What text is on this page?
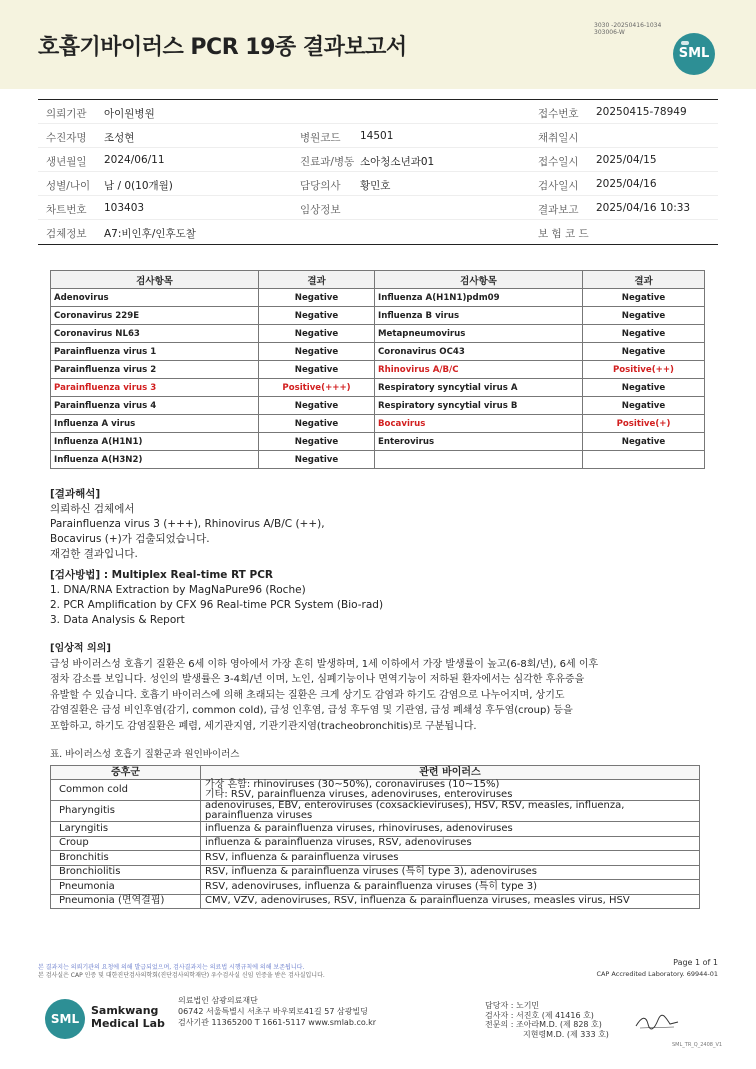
호흡기바이러스 PCR 19종 결과보고서
3030 -20250416-1034
303006-W
SML
의뢰기관 아이원병원	접수번호 20250415-78949
수진자명 조성현	병원코드 14501	채취일시
생년월일 2024/06/11	진료과/병동 소아청소년과01	접수일시 2025/04/15
성별/나이 남 / 0(10개월)	담당의사 황민호	검사일시 2025/04/16
차트번호 103403	임상정보	결과보고 2025/04/16 10:33
검체정보 A7:비인후/인후도찰	보 험 코 드
검사항목	결과	검사항목	결과
Adenovirus	Negative	Influenza A(H1N1)pdm09	Negative
Coronavirus 229E	Negative	Influenza B virus	Negative
Coronavirus NL63	Negative	Metapneumovirus	Negative
Parainfluenza virus 1	Negative	Coronavirus OC43	Negative
Parainfluenza virus 2	Negative	Rhinovirus A/B/C	Positive(++)
Parainfluenza virus 3	Positive(+++)	Respiratory syncytial virus A	Negative
Parainfluenza virus 4	Negative	Respiratory syncytial virus B	Negative
Influenza A virus	Negative	Bocavirus	Positive(+)
Influenza A(H1N1)	Negative	Enterovirus	Negative
Influenza A(H3N2)	Negative		

[결과해석]

의뢰하신 검체에서

Parainfluenza virus 3 (+++), Rhinovirus A/B/C (++),

Bocavirus (+)가 검출되었습니다.

재검한 결과입니다.

[검사방법] : Multiplex Real-time RT PCR

1. DNA/RNA Extraction by MagNaPure96 (Roche)

2. PCR Amplification by CFX 96 Real-time PCR System (Bio-rad)

3. Data Analysis & Report

[임상적 의의]

급성 바이러스성 호흡기 질환은 6세 이하 영아에서 가장 흔히 발생하며, 1세 이하에서 가장 발생률이 높고(6-8회/년), 6세 이후

점차 감소를 보입니다. 성인의 발생률은 3-4회/년 이며, 노인, 심폐기능이나 면역기능이 저하된 환자에서는 심각한 후유증을

유발할 수 있습니다. 호흡기 바이러스에 의해 초래되는 질환은 크게 상기도 감염과 하기도 감염으로 나누어지며, 상기도

감염질환은 급성 비인후염(감기, common cold), 급성 인후염, 급성 후두염 및 기관염, 급성 폐쇄성 후두염(croup) 등을

포함하고, 하기도 감염질환은 폐렴, 세기관지염, 기관기관지염(tracheobronchitis)로 구분됩니다.

표. 바이러스성 호흡기 질환군과 원인바이러스
증후군	관련 바이러스
Common cold	가장 흔함: rhinoviruses (30~50%), coronaviruses (10~15%)
기타: RSV, parainfluenza viruses, adenoviruses, enteroviruses

Pharyngitis	adenoviruses, EBV, enteroviruses (coxsackieviruses), HSV, RSV, measles, influenza,
parainfluenza viruses

Laryngitis	influenza & parainfluenza viruses, rhinoviruses, adenoviruses

Croup	influenza & parainfluenza viruses, RSV, adenoviruses

Bronchitis	RSV, influenza & parainfluenza viruses

Bronchiolitis	RSV, influenza & parainfluenza viruses (특히 type 3), adenoviruses

Pneumonia	RSV, adenoviruses, influenza & parainfluenza viruses (특히 type 3)

Pneumonia (면역결핍)	CMV, VZV, adenoviruses, RSV, influenza & parainfluenza viruses, measles virus, HSV
본 결과지는 의뢰기관의 요청에 의해 발급되었으며, 검사결과지는 의료법 시행규칙에 의해 보존됩니다.
본 검사실은 CAP 인증 및 대한진단검사의학회(진단검사의학재단) 우수검사실 신임 인증을 받은 검사실입니다.
Page 1 of 1
CAP Accredited Laboratory. 69944-01
SML
Samkwang
Medical Lab
의료법인 삼광의료재단
06742 서울특별시 서초구 바우뫼로41길 57 삼광빌딩
검사기관 11365200 T 1661-5117 www.smlab.co.kr
담당자 : 노기민
검사자 : 서진호 (제 41416 호)
전문의 : 조아라M.D. (제 828 호)
지현령M.D. (제 333 호)
SML_TR_Q_2408_V1
